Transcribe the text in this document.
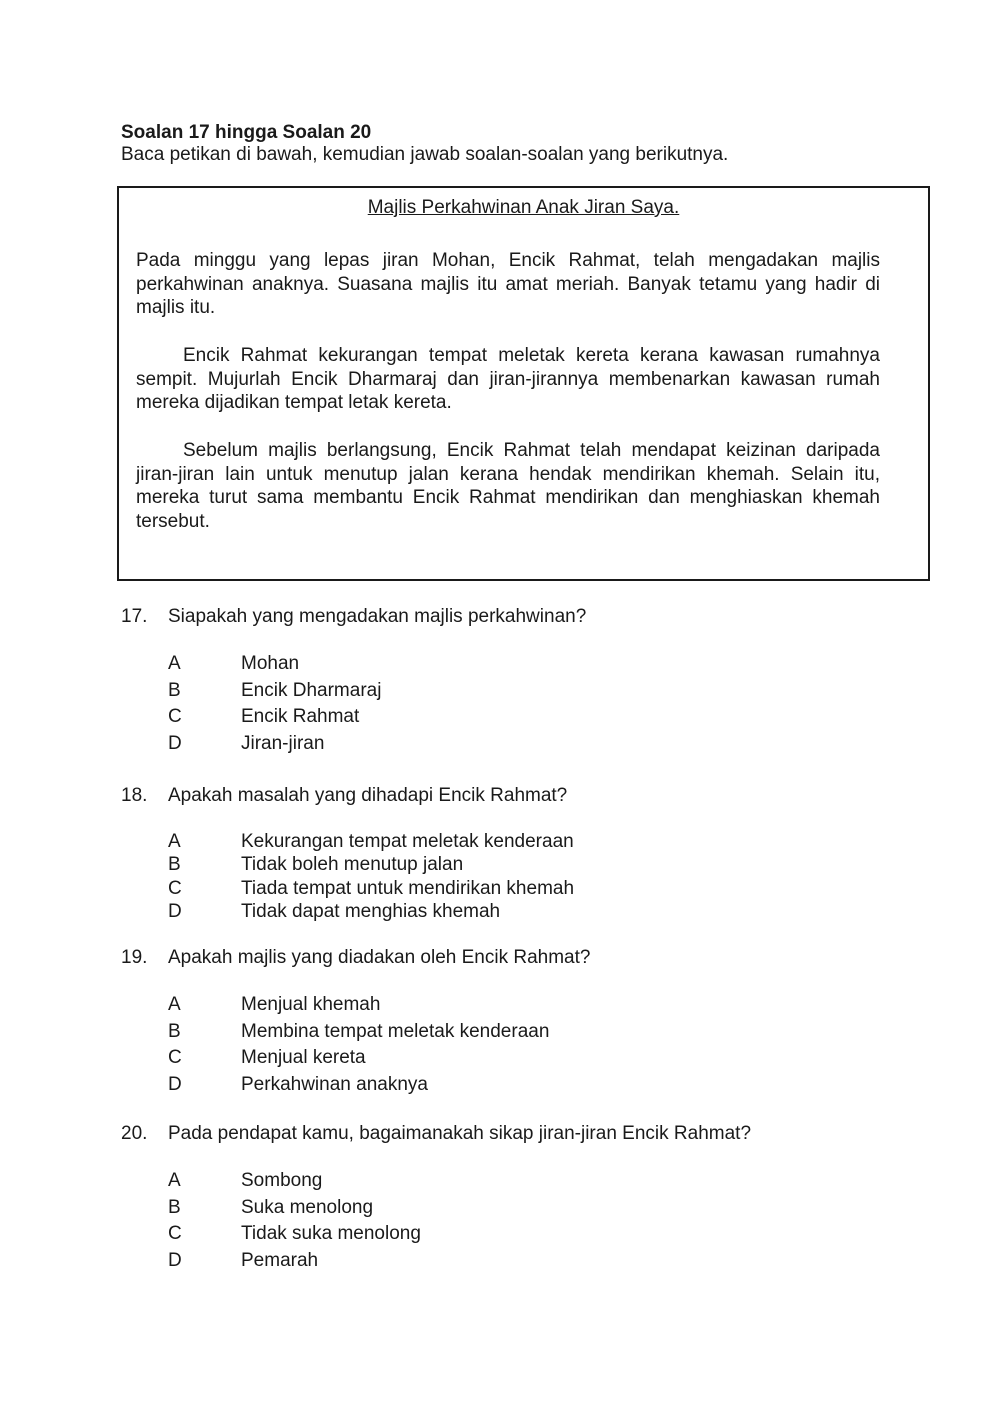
Soalan 17 hingga Soalan 20
Baca petikan di bawah, kemudian jawab soalan-soalan yang berikutnya.
Majlis Perkahwinan Anak Jiran Saya.

Pada minggu yang lepas jiran Mohan, Encik Rahmat, telah mengadakan majlis perkahwinan anaknya. Suasana majlis itu amat meriah. Banyak tetamu yang hadir di majlis itu.

Encik Rahmat kekurangan tempat meletak kereta kerana kawasan rumahnya sempit. Mujurlah Encik Dharmaraj dan jiran-jirannya membenarkan kawasan rumah mereka dijadikan tempat letak kereta.

Sebelum majlis berlangsung, Encik Rahmat telah mendapat keizinan daripada jiran-jiran lain untuk menutup jalan kerana hendak mendirikan khemah. Selain itu, mereka turut sama membantu Encik Rahmat mendirikan dan menghiaskan khemah tersebut.

17.	Siapakah yang mengadakan majlis perkahwinan?
A	Mohan
B	Encik Dharmaraj
C	Encik Rahmat
D	Jiran-jiran
18.	Apakah masalah yang dihadapi Encik Rahmat?
A	Kekurangan tempat meletak kenderaan
B	Tidak boleh menutup jalan
C	Tiada tempat untuk mendirikan khemah
D	Tidak dapat menghias khemah
19.	Apakah majlis yang diadakan oleh Encik Rahmat?
A	Menjual khemah
B	Membina tempat meletak kenderaan
C	Menjual kereta
D	Perkahwinan anaknya
20.	Pada pendapat kamu, bagaimanakah sikap jiran-jiran Encik Rahmat?
A	Sombong
B	Suka menolong
C	Tidak suka menolong
D	Pemarah
